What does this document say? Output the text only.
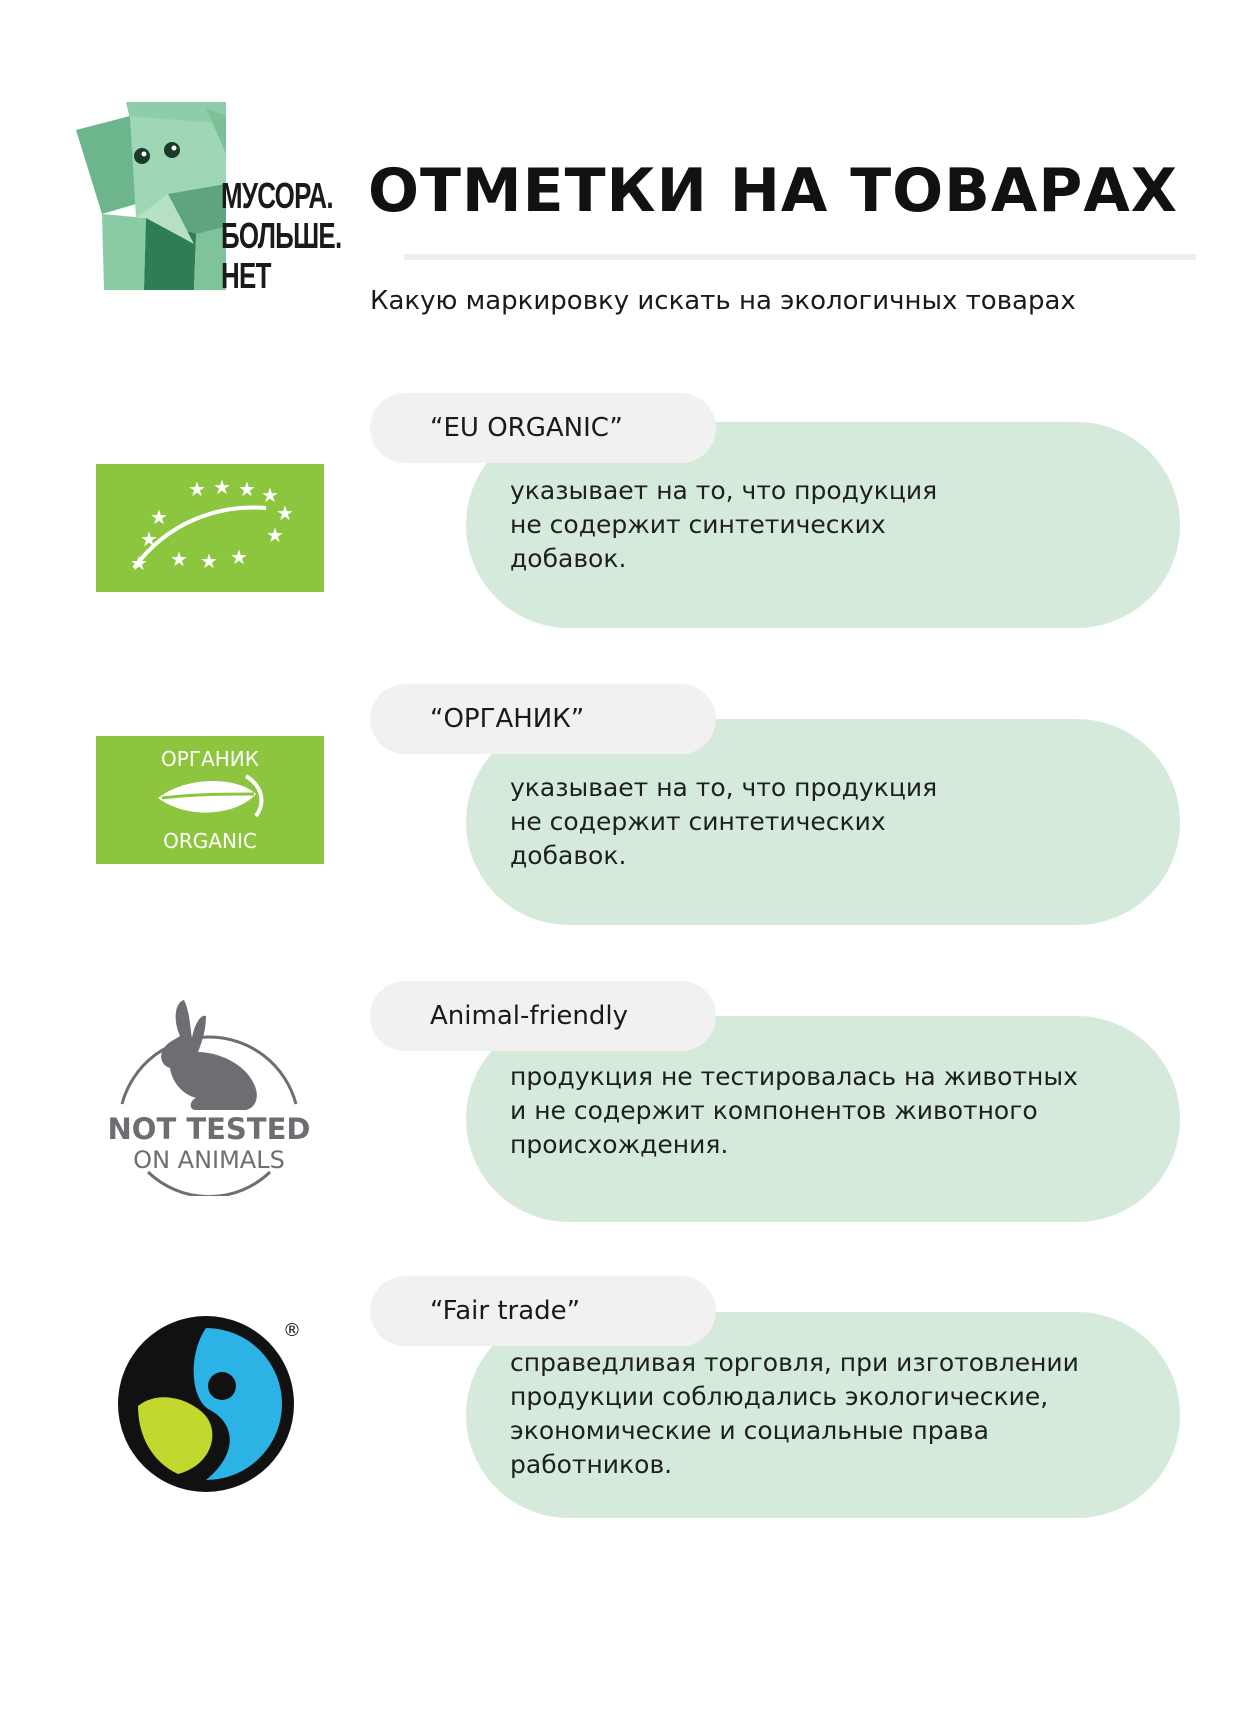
МУСОРА.
БОЛЬШЕ.
НЕТ
ОТМЕТКИ НА ТОВАРАХ

Какую маркировку искать на экологичных товарах

★ ★ ★ ★
★
★
★
★
★ ★ ★ ★

указывает на то, что продукция
не содержит синтетических
добавок.

“EU ORGANIC”
ОРГАНИК
ORGANIC

указывает на то, что продукция
не содержит синтетических
добавок.

“ОРГАНИК”
NOT TESTED
ON ANIMALS

продукция не тестировалась на животных
и не содержит компонентов животного
происхождения.

Animal-friendly
®

справедливая торговля, при изготовлении
продукции соблюдались экологические,
экономические и социальные права
работников.

“Fair trade”
